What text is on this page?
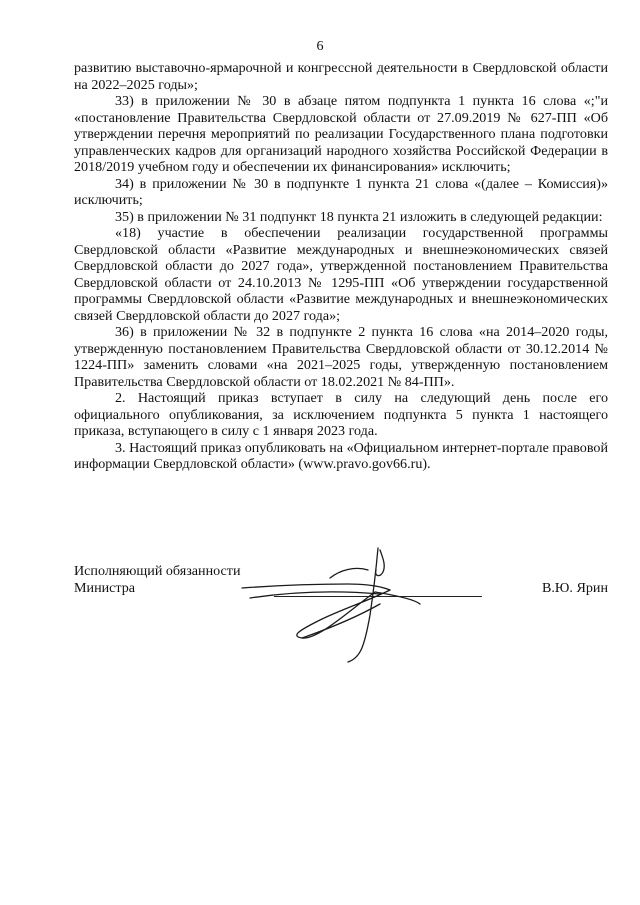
6

развитию выставочно-ярмарочной и конгрессной деятельности в Свердловской области на 2022–2025 годы»;

33) в приложении № 30 в абзаце пятом подпункта 1 пункта 16 слова «;"и «постановление Правительства Свердловской области от 27.09.2019 № 627-ПП «Об утверждении перечня мероприятий по реализации Государственного плана подготовки управленческих кадров для организаций народного хозяйства Российской Федерации в 2018/2019 учебном году и обеспечении их финансирования» исключить;

34) в приложении № 30 в подпункте 1 пункта 21 слова «(далее – Комиссия)» исключить;

35) в приложении № 31 подпункт 18 пункта 21 изложить в следующей редакции:

«18) участие в обеспечении реализации государственной программы Свердловской области «Развитие международных и внешнеэкономических связей Свердловской области до 2027 года», утвержденной постановлением Правительства Свердловской области от 24.10.2013 № 1295-ПП «Об утверждении государственной программы Свердловской области «Развитие международных и внешнеэкономических связей Свердловской области до 2027 года»;

36) в приложении № 32 в подпункте 2 пункта 16 слова «на 2014–2020 годы, утвержденную постановлением Правительства Свердловской области от 30.12.2014 № 1224-ПП» заменить словами «на 2021–2025 годы, утвержденную постановлением Правительства Свердловской области от 18.02.2021 № 84-ПП».

2. Настоящий приказ вступает в силу на следующий день после его официального опубликования, за исключением подпункта 5 пункта 1 настоящего приказа, вступающего в силу с 1 января 2023 года.

3. Настоящий приказ опубликовать на «Официальном интернет-портале правовой информации Свердловской области» (www.pravo.gov66.ru).

Исполняющий обязанности
Министра	В.Ю. Ярин
